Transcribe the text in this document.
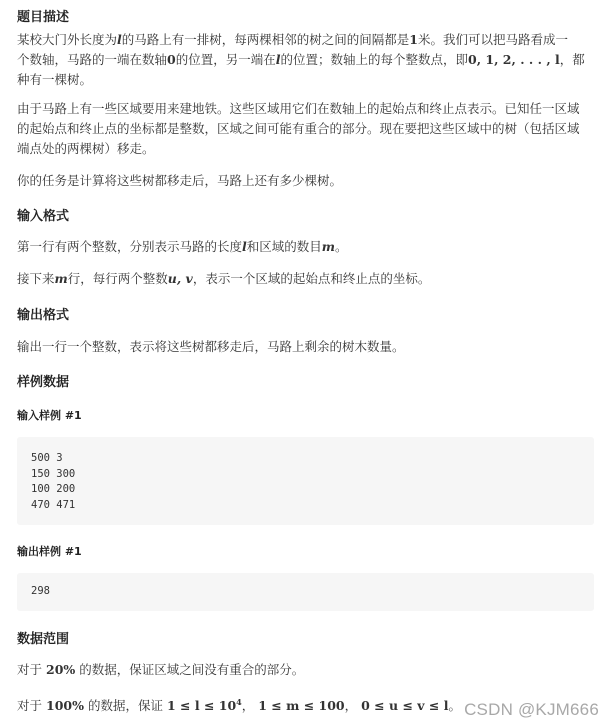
题目描述

某校大门外长度为l的马路上有一排树，每两棵相邻的树之间的间隔都是1米。我们可以把马路看成一
个数轴，马路的一端在数轴0的位置，另一端在l的位置；数轴上的每个整数点，即0, 1, 2, . . . , l，都
种有一棵树。

由于马路上有一些区域要用来建地铁。这些区域用它们在数轴上的起始点和终止点表示。已知任一区域
的起始点和终止点的坐标都是整数，区域之间可能有重合的部分。现在要把这些区域中的树（包括区域
端点处的两棵树）移走。

你的任务是计算将这些树都移走后，马路上还有多少棵树。

输入格式

第一行有两个整数，分别表示马路的长度l和区域的数目m。

接下来m行，每行两个整数u, v，表示一个区域的起始点和终止点的坐标。

输出格式

输出一行一个整数，表示将这些树都移走后，马路上剩余的树木数量。

样例数据
输入样例 #1
500 3
150 300
100 200
470 471
输出样例 #1
298
数据范围

对于 20% 的数据，保证区域之间没有重合的部分。

对于 100% 的数据，保证 $1 \le l \le 10^4$， 1 ≤ m ≤ 100， 0 ≤ u ≤ v ≤ l。 CSDN @KJM666
